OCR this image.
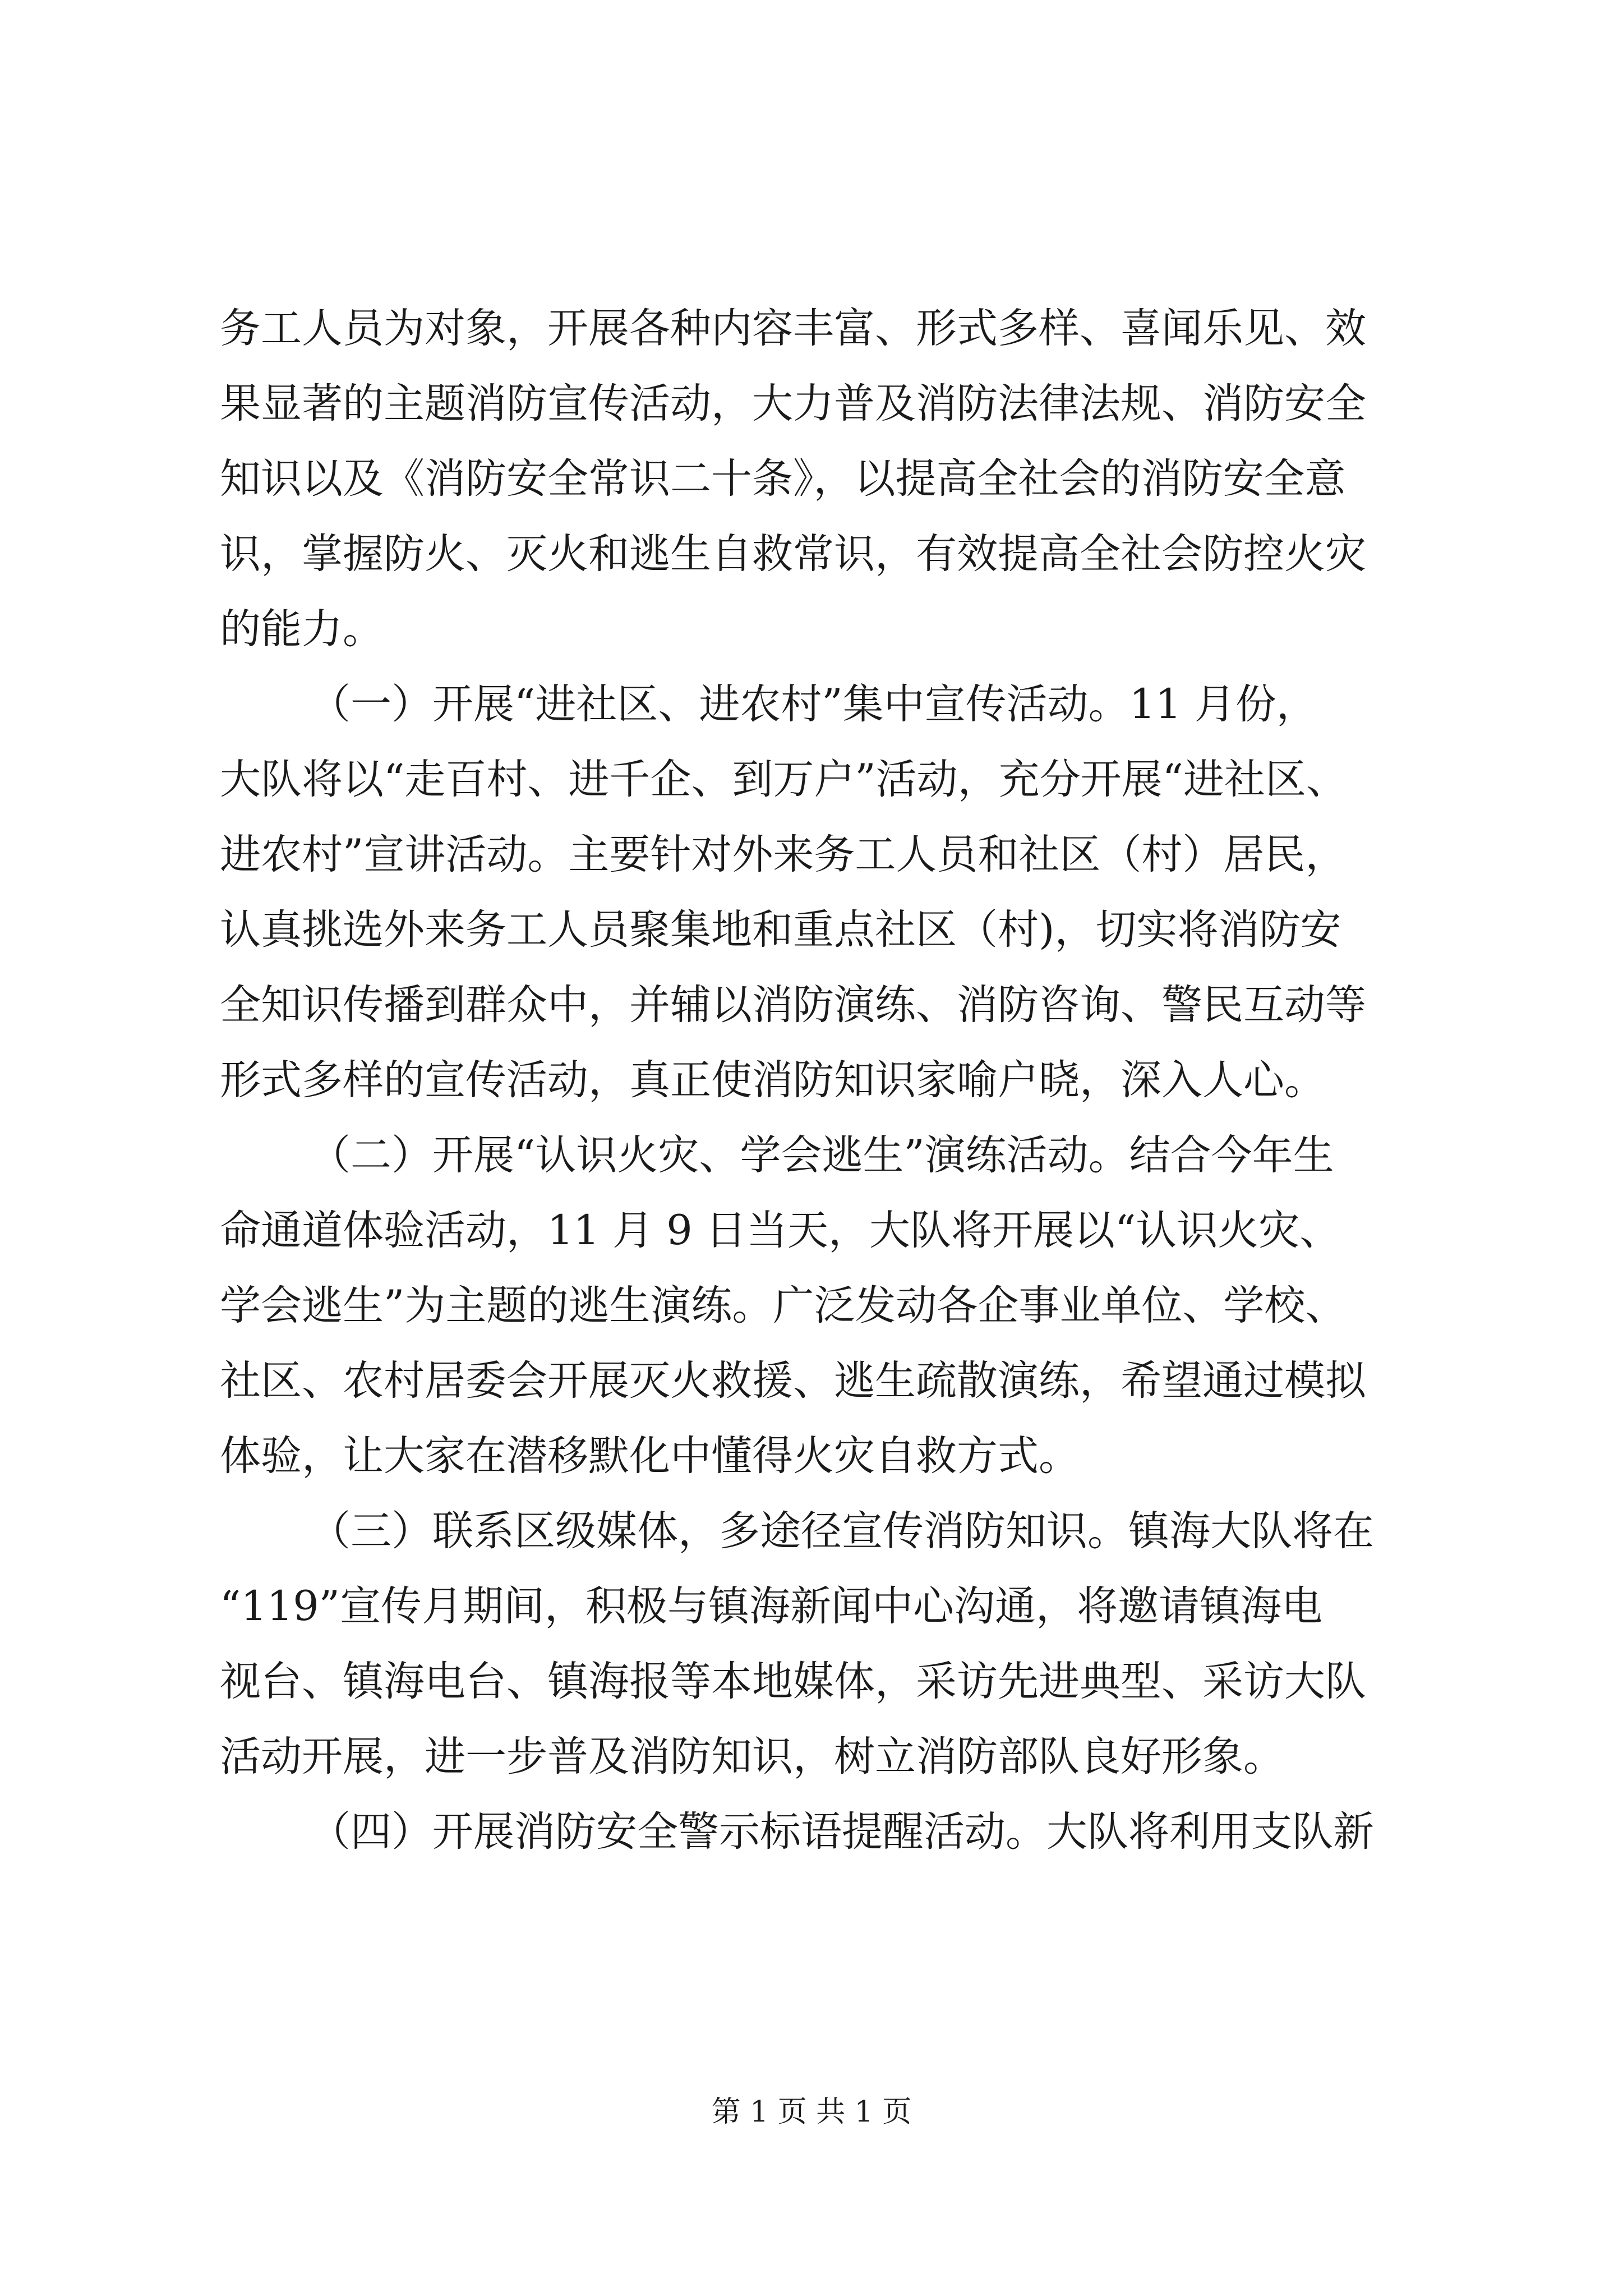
务工人员为对象，开展各种内容丰富、形式多样、喜闻乐见、效
果显著的主题消防宣传活动，大力普及消防法律法规、消防安全
知识以及《消防安全常识二十条》，以提高全社会的消防安全意
识，掌握防火、灭火和逃生自救常识，有效提高全社会防控火灾
的能力。
（一）开展“进社区、进农村”集中宣传活动。11 月份，
大队将以“走百村、进千企、到万户”活动，充分开展“进社区、
进农村”宣讲活动。主要针对外来务工人员和社区（村）居民，
认真挑选外来务工人员聚集地和重点社区（村)，切实将消防安
全知识传播到群众中，并辅以消防演练、消防咨询、警民互动等
形式多样的宣传活动，真正使消防知识家喻户晓，深入人心。
（二）开展“认识火灾、学会逃生”演练活动。结合今年生
命通道体验活动，11 月 9 日当天，大队将开展以“认识火灾、
学会逃生”为主题的逃生演练。广泛发动各企事业单位、学校、
社区、农村居委会开展灭火救援、逃生疏散演练，希望通过模拟
体验，让大家在潜移默化中懂得火灾自救方式。
（三）联系区级媒体，多途径宣传消防知识。镇海大队将在
“119”宣传月期间，积极与镇海新闻中心沟通，将邀请镇海电
视台、镇海电台、镇海报等本地媒体，采访先进典型、采访大队
活动开展，进一步普及消防知识，树立消防部队良好形象。
（四）开展消防安全警示标语提醒活动。大队将利用支队新
第 1 页 共 1 页
